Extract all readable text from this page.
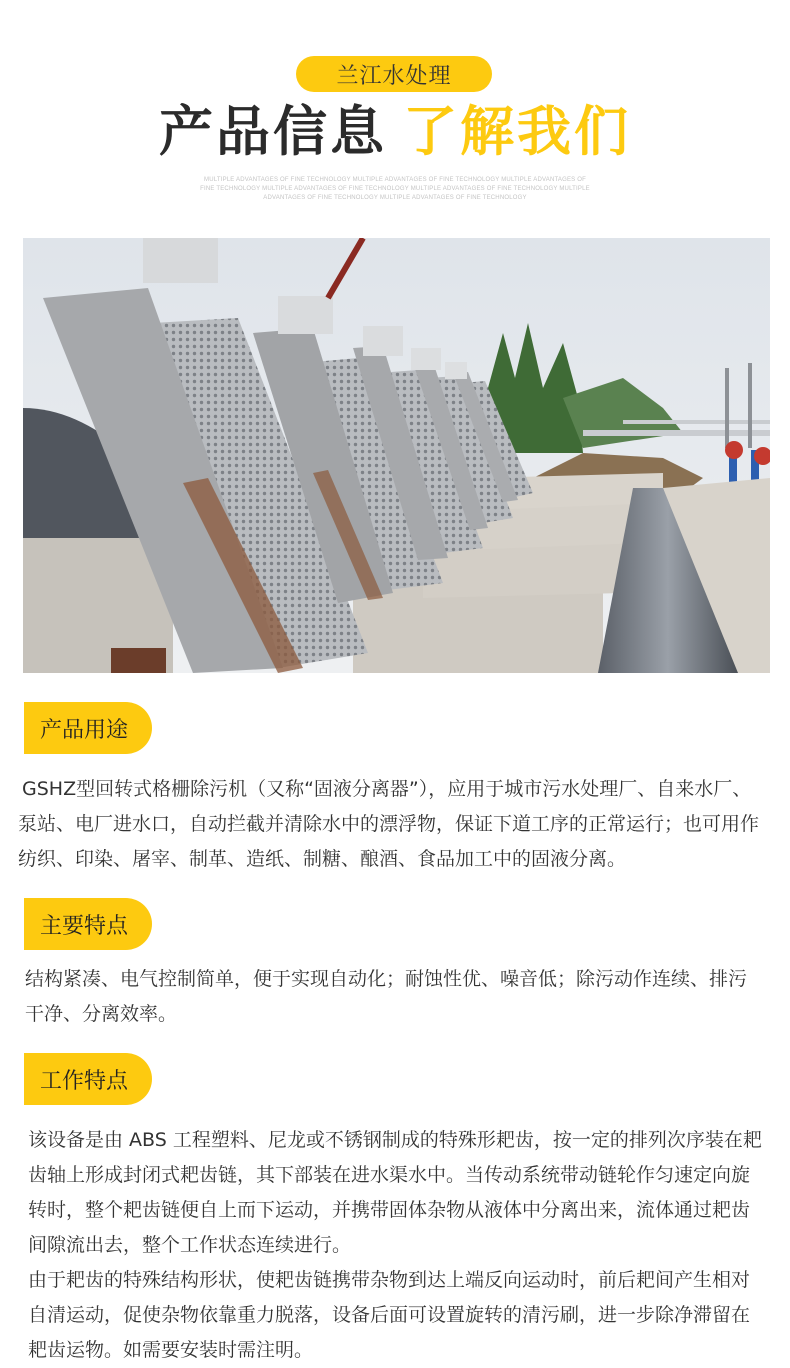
兰江水处理
产品信息 了解我们
MULTIPLE ADVANTAGES OF FINE TECHNOLOGY MULTIPLE ADVANTAGES OF FINE TECHNOLOGY MULTIPLE ADVANTAGES OF FINE TECHNOLOGY MULTIPLE ADVANTAGES OF FINE TECHNOLOGY MULTIPLE ADVANTAGES OF FINE TECHNOLOGY MULTIPLE ADVANTAGES OF FINE TECHNOLOGY MULTIPLE ADVANTAGES OF FINE TECHNOLOGY
产品用途

GSHZ型回转式格栅除污机（又称“固液分离器”），应用于城市污水处理厂、自来水厂、泵站、电厂进水口，自动拦截并清除水中的漂浮物，保证下道工序的正常运行；也可用作纺织、印染、屠宰、制革、造纸、制糖、酿酒、食品加工中的固液分离。

主要特点

结构紧凑、电气控制简单，便于实现自动化；耐蚀性优、噪音低；除污动作连续、排污干净、分离效率。

工作特点

该设备是由 ABS 工程塑料、尼龙或不锈钢制成的特殊形耙齿，按一定的排列次序装在耙齿轴上形成封闭式耙齿链，其下部装在进水渠水中。当传动系统带动链轮作匀速定向旋转时，整个耙齿链便自上而下运动，并携带固体杂物从液体中分离出来，流体通过耙齿间隙流出去，整个工作状态连续进行。

由于耙齿的特殊结构形状，使耙齿链携带杂物到达上端反向运动时，前后耙间产生相对自清运动，促使杂物依靠重力脱落，设备后面可设置旋转的清污刷，进一步除净滞留在耙齿运物。如需要安装时需注明。
